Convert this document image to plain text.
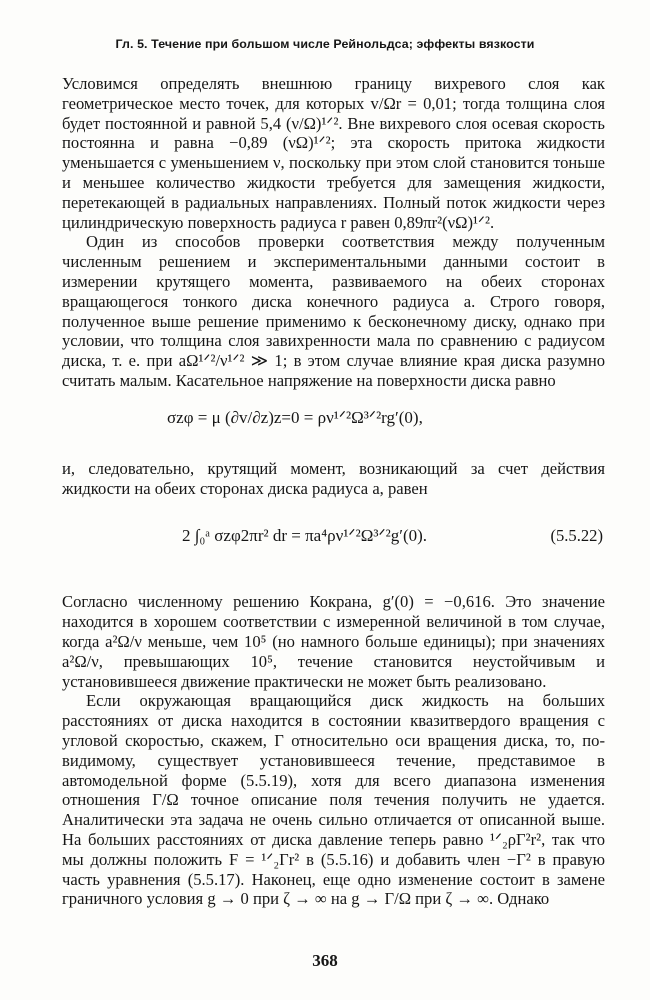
Гл. 5. Течение при большом числе Рейнольдса; эффекты вязкости

Условимся определять внешнюю границу вихревого слоя как геометрическое место точек, для которых v/Ωr = 0,01; тогда толщина слоя будет постоянной и равной 5,4 (ν/Ω)¹ᐟ². Вне вихревого слоя осевая скорость постоянна и равна −0,89 (νΩ)¹ᐟ²; эта скорость притока жидкости уменьшается с уменьшением ν, поскольку при этом слой становится тоньше и меньшее количество жидкости требуется для замещения жидкости, перетекающей в радиальных направлениях. Полный поток жидкости через цилиндрическую поверхность радиуса r равен 0,89πr²(νΩ)¹ᐟ².

Один из способов проверки соответствия между полученным численным решением и экспериментальными данными состоит в измерении крутящего момента, развиваемого на обеих сторонах вращающегося тонкого диска конечного радиуса a. Строго говоря, полученное выше решение применимо к бесконечному диску, однако при условии, что толщина слоя завихренности мала по сравнению с радиусом диска, т. е. при aΩ¹ᐟ²/ν¹ᐟ² ≫ 1; в этом случае влияние края диска разумно считать малым. Касательное напряжение на поверхности диска равно

σzφ = μ (∂v/∂z)z=0 = ρν¹ᐟ²Ω³ᐟ²rg′(0),

и, следовательно, крутящий момент, возникающий за счет действия жидкости на обеих сторонах диска радиуса a, равен

2 ∫₀ᵃ σzφ2πr² dr = πa⁴ρν¹ᐟ²Ω³ᐟ²g′(0).	(5.5.22)

Согласно численному решению Кокрана, g′(0) = −0,616. Это значение находится в хорошем соответствии с измеренной величиной в том случае, когда a²Ω/ν меньше, чем 10⁵ (но намного больше единицы); при значениях a²Ω/ν, превышающих 10⁵, течение становится неустойчивым и установившееся движение практически не может быть реализовано.

Если окружающая вращающийся диск жидкость на больших расстояниях от диска находится в состоянии квазитвердого вращения с угловой скоростью, скажем, Γ относительно оси вращения диска, то, по-видимому, существует установившееся течение, представимое в автомодельной форме (5.5.19), хотя для всего диапазона изменения отношения Γ/Ω точное описание поля течения получить не удается. Аналитически эта задача не очень сильно отличается от описанной выше. На больших расстояниях от диска давление теперь равно ¹ᐟ₂ρΓ²r², так что мы должны положить F = ¹ᐟ₂Γr² в (5.5.16) и добавить член −Γ² в правую часть уравнения (5.5.17). Наконец, еще одно изменение состоит в замене граничного условия g → 0 при ζ → ∞ на g → Γ/Ω при ζ → ∞. Однако

368
